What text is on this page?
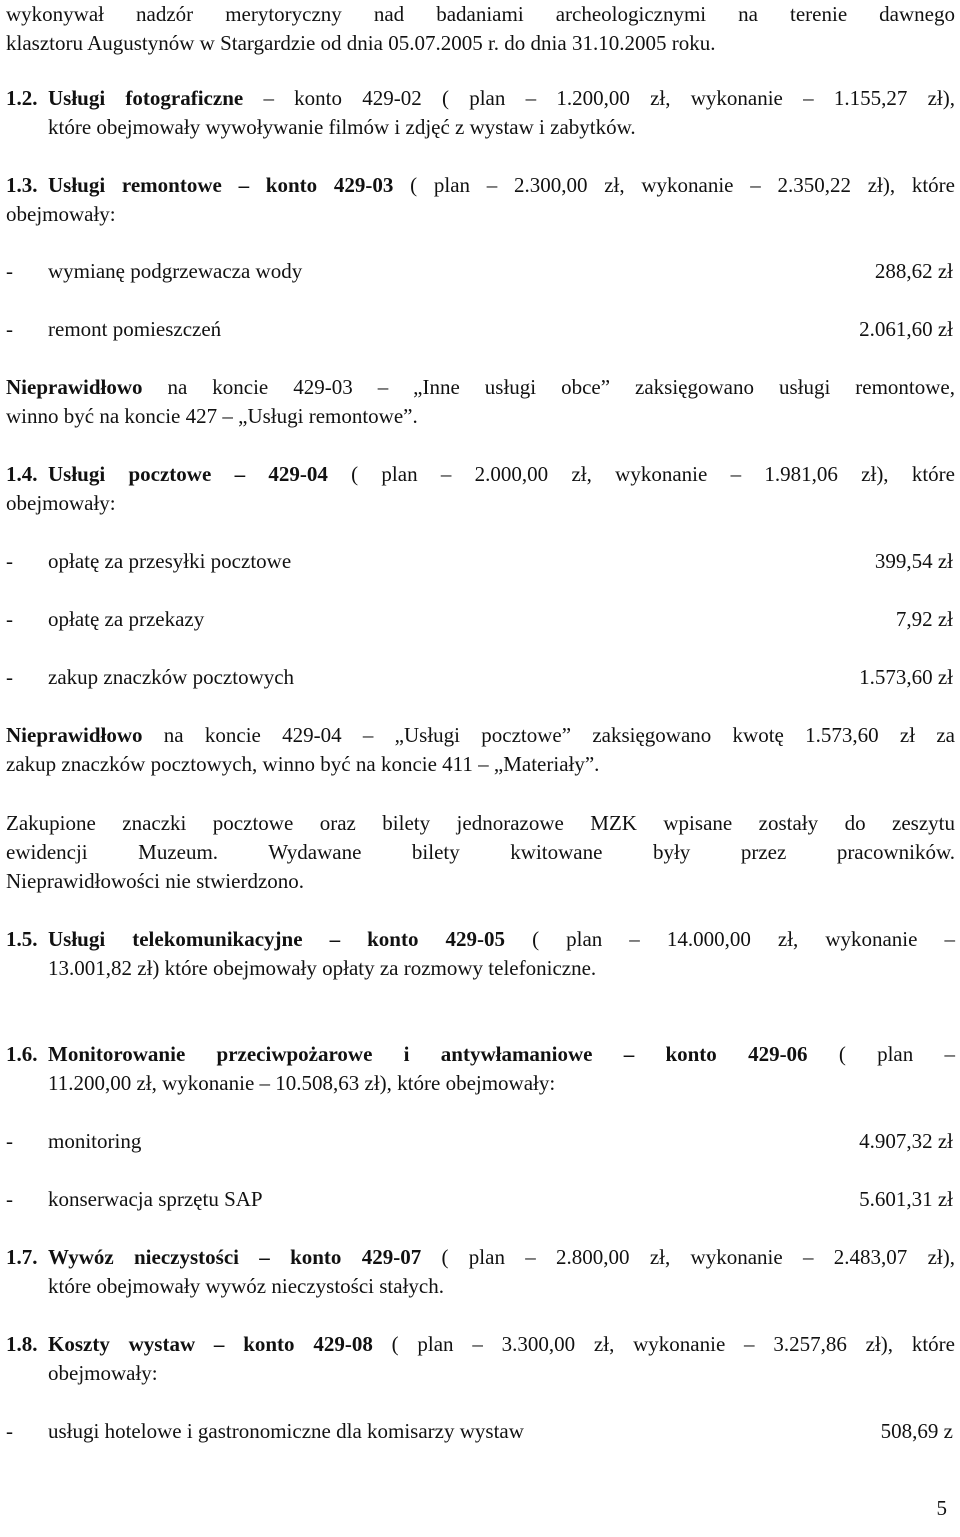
wykonywał nadzór merytoryczny nad badaniami archeologicznymi na terenie dawnego
klasztoru Augustynów w Stargardzie od dnia 05.07.2005 r. do dnia 31.10.2005 roku.
1.2. Usługi fotograficzne – konto 429-02 ( plan – 1.200,00 zł, wykonanie – 1.155,27 zł),
które obejmowały wywoływanie filmów i zdjęć z wystaw i zabytków.
1.3. Usługi remontowe – konto 429-03 ( plan – 2.300,00 zł, wykonanie – 2.350,22 zł), które
obejmowały:
- wymianę podgrzewacza wody	288,62 zł
- remont pomieszczeń	2.061,60 zł
Nieprawidłowo na koncie 429-03 – „Inne usługi obce” zaksięgowano usługi remontowe,
winno być na koncie 427 – „Usługi remontowe”.
1.4. Usługi pocztowe – 429-04 ( plan – 2.000,00 zł, wykonanie – 1.981,06 zł), które
obejmowały:
- opłatę za przesyłki pocztowe	399,54 zł
- opłatę za przekazy	7,92 zł
- zakup znaczków pocztowych	1.573,60 zł
Nieprawidłowo na koncie 429-04 – „Usługi pocztowe” zaksięgowano kwotę 1.573,60 zł za
zakup znaczków pocztowych, winno być na koncie 411 – „Materiały”.
Zakupione znaczki pocztowe oraz bilety jednorazowe MZK wpisane zostały do zeszytu
ewidencji Muzeum. Wydawane bilety kwitowane były przez pracowników.
Nieprawidłowości nie stwierdzono.
1.5. Usługi telekomunikacyjne – konto 429-05 ( plan – 14.000,00 zł, wykonanie –
13.001,82 zł) które obejmowały opłaty za rozmowy telefoniczne.
1.6. Monitorowanie przeciwpożarowe i antywłamaniowe – konto 429-06 ( plan –
11.200,00 zł, wykonanie – 10.508,63 zł), które obejmowały:
- monitoring	4.907,32 zł
- konserwacja sprzętu SAP	5.601,31 zł
1.7. Wywóz nieczystości – konto 429-07 ( plan – 2.800,00 zł, wykonanie – 2.483,07 zł),
które obejmowały wywóz nieczystości stałych.
1.8. Koszty wystaw – konto 429-08 ( plan – 3.300,00 zł, wykonanie – 3.257,86 zł), które
obejmowały:
- usługi hotelowe i gastronomiczne dla komisarzy wystaw	508,69 z
5
